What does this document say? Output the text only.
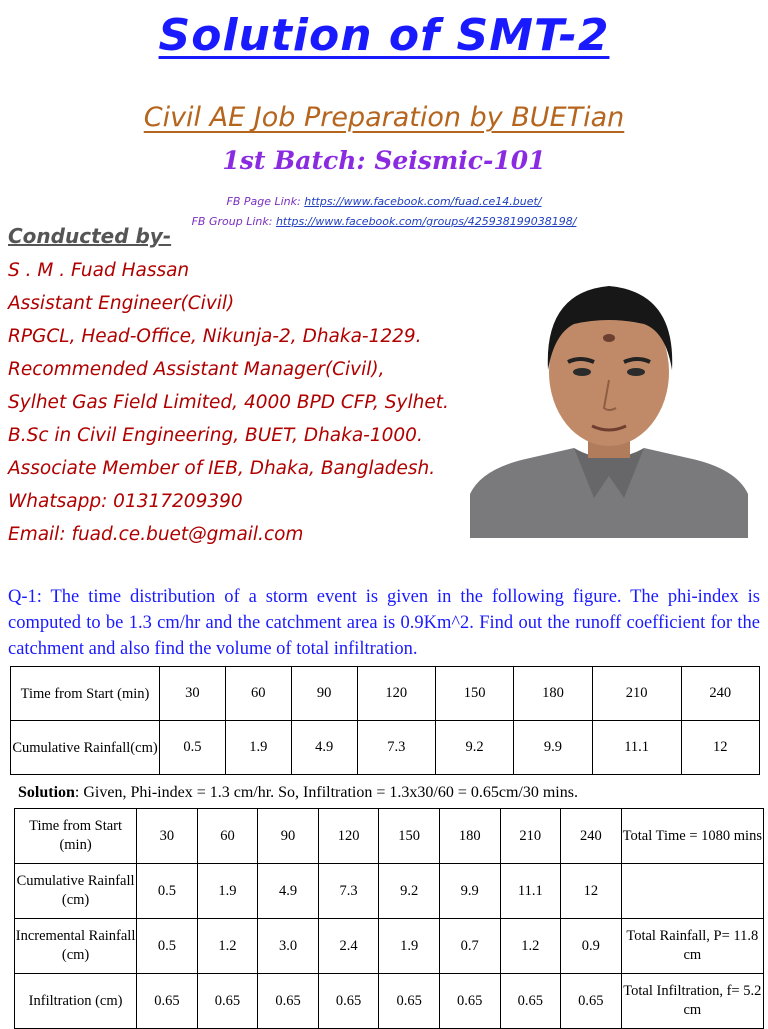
Solution of SMT-2
Civil AE Job Preparation by BUETian
1st Batch: Seismic-101
FB Page Link: https://www.facebook.com/fuad.ce14.buet/
FB Group Link: https://www.facebook.com/groups/425938199038198/
Conducted by-
S . M . Fuad Hassan
Assistant Engineer(Civil)
RPGCL, Head-Office, Nikunja-2, Dhaka-1229.
Recommended Assistant Manager(Civil),
Sylhet Gas Field Limited, 4000 BPD CFP, Sylhet.
B.Sc in Civil Engineering, BUET, Dhaka-1000.
Associate Member of IEB, Dhaka, Bangladesh.
Whatsapp: 01317209390
Email: fuad.ce.buet@gmail.com
Q-1: The time distribution of a storm event is given in the following figure. The phi-index is computed to be 1.3 cm/hr and the catchment area is 0.9Km^2. Find out the runoff coefficient for the catchment and also find the volume of total infiltration.
Time from Start (min)	30	60	90	120	150	180	210	240
Cumulative Rainfall(cm)	0.5	1.9	4.9	7.3	9.2	9.9	11.1	12
Solution: Given, Phi-index = 1.3 cm/hr. So, Infiltration = 1.3x30/60 = 0.65cm/30 mins.
Time from Start (min)	30	60	90	120	150	180	210	240	Total Time = 1080 mins
Cumulative Rainfall (cm)	0.5	1.9	4.9	7.3	9.2	9.9	11.1	12	
Incremental Rainfall (cm)	0.5	1.2	3.0	2.4	1.9	0.7	1.2	0.9	Total Rainfall, P= 11.8 cm
Infiltration (cm)	0.65	0.65	0.65	0.65	0.65	0.65	0.65	0.65	Total Infiltration, f= 5.2 cm
